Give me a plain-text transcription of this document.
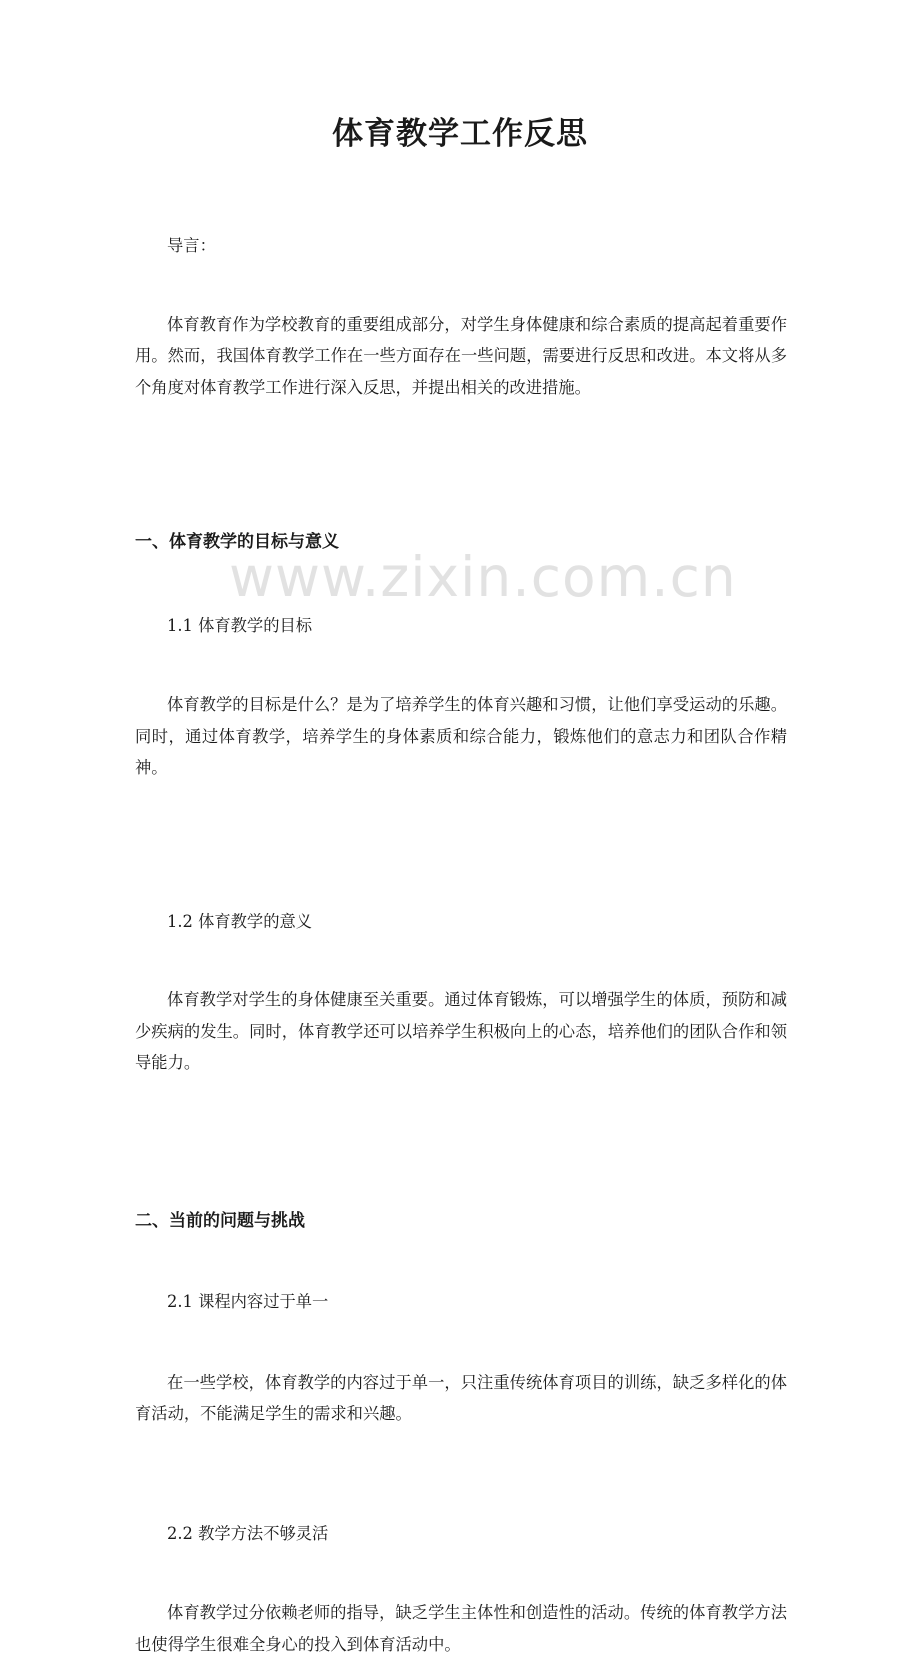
www.zixin.com.cn
体育教学工作反思

导言：

体育教育作为学校教育的重要组成部分，对学生身体健康和综合素质的提高起着重要作用。然而，我国体育教学工作在一些方面存在一些问题，需要进行反思和改进。本文将从多个角度对体育教学工作进行深入反思，并提出相关的改进措施。

一、体育教学的目标与意义

1.1 体育教学的目标

体育教学的目标是什么？是为了培养学生的体育兴趣和习惯，让他们享受运动的乐趣。同时，通过体育教学，培养学生的身体素质和综合能力，锻炼他们的意志力和团队合作精神。

1.2 体育教学的意义

体育教学对学生的身体健康至关重要。通过体育锻炼，可以增强学生的体质，预防和减少疾病的发生。同时，体育教学还可以培养学生积极向上的心态，培养他们的团队合作和领导能力。

二、当前的问题与挑战

2.1 课程内容过于单一

在一些学校，体育教学的内容过于单一，只注重传统体育项目的训练，缺乏多样化的体育活动，不能满足学生的需求和兴趣。

2.2 教学方法不够灵活

体育教学过分依赖老师的指导，缺乏学生主体性和创造性的活动。传统的体育教学方法也使得学生很难全身心的投入到体育活动中。
